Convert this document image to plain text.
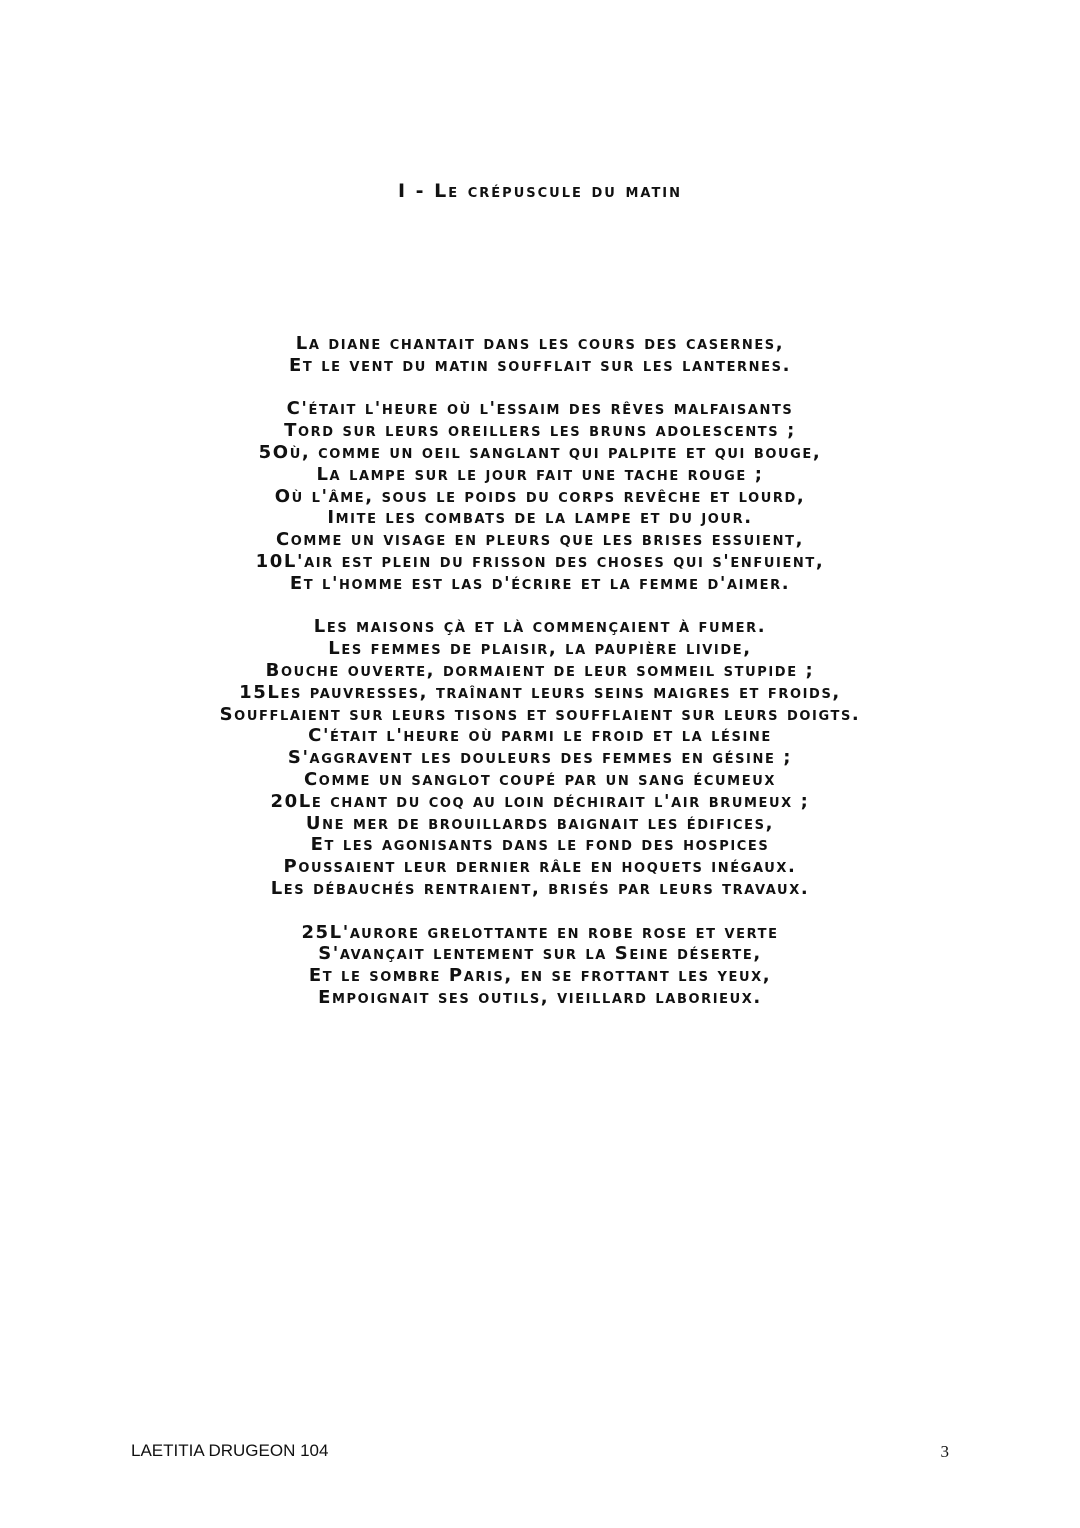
I - Le crépuscule du matin
La diane chantait dans les cours des casernes,
Et le vent du matin soufflait sur les lanternes.
C'était l'heure où l'essaim des rêves malfaisants
Tord sur leurs oreillers les bruns adolescents ;
5Où, comme un oeil sanglant qui palpite et qui bouge,
La lampe sur le jour fait une tache rouge ;
Où l'âme, sous le poids du corps revêche et lourd,
Imite les combats de la lampe et du jour.
Comme un visage en pleurs que les brises essuient,
10L'air est plein du frisson des choses qui s'enfuient,
Et l'homme est las d'écrire et la femme d'aimer.
Les maisons çà et là commençaient à fumer.
Les femmes de plaisir, la paupière livide,
Bouche ouverte, dormaient de leur sommeil stupide ;
15Les pauvresses, traînant leurs seins maigres et froids,
Soufflaient sur leurs tisons et soufflaient sur leurs doigts.
C'était l'heure où parmi le froid et la lésine
S'aggravent les douleurs des femmes en gésine ;
Comme un sanglot coupé par un sang écumeux
20Le chant du coq au loin déchirait l'air brumeux ;
Une mer de brouillards baignait les édifices,
Et les agonisants dans le fond des hospices
Poussaient leur dernier râle en hoquets inégaux.
Les débauchés rentraient, brisés par leurs travaux.
25L'aurore grelottante en robe rose et verte
S'avançait lentement sur la Seine déserte,
Et le sombre Paris, en se frottant les yeux,
Empoignait ses outils, vieillard laborieux.
LAETITIA DRUGEON 104	3
